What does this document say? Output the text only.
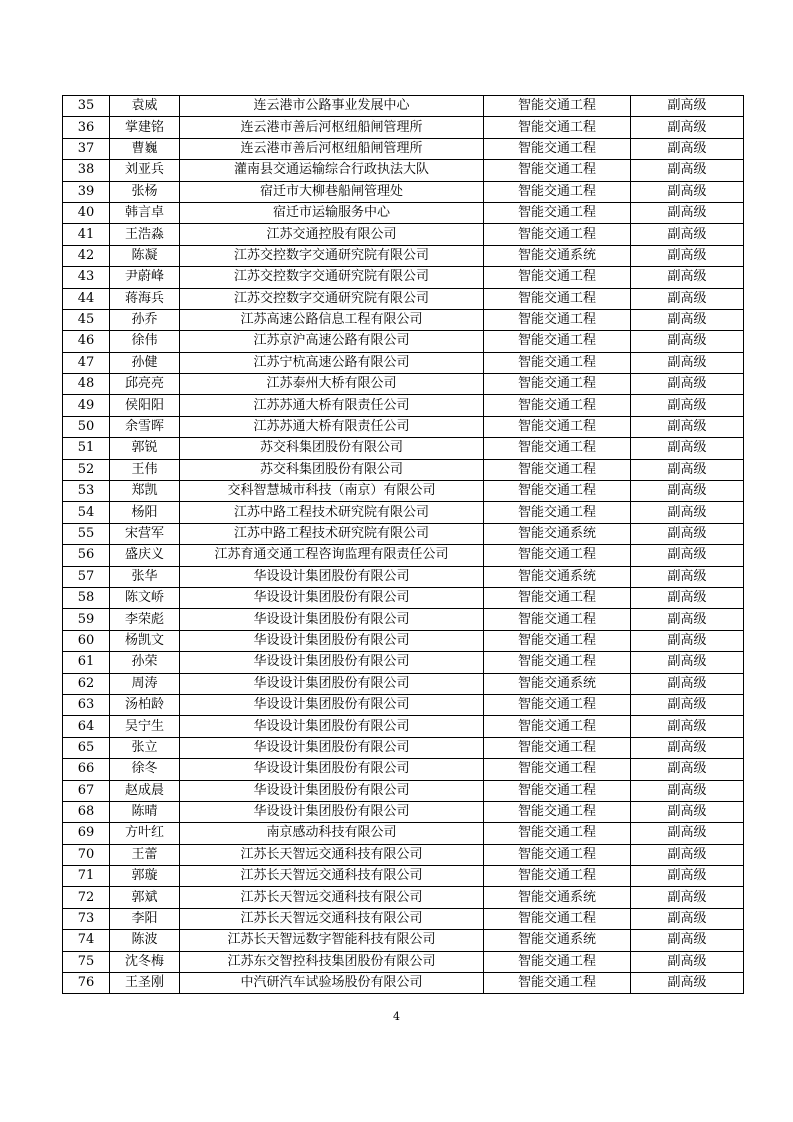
35	袁威	连云港市公路事业发展中心	智能交通工程	副高级
36	掌建铭	连云港市善后河枢纽船闸管理所	智能交通工程	副高级
37	曹巍	连云港市善后河枢纽船闸管理所	智能交通工程	副高级
38	刘亚兵	灌南县交通运输综合行政执法大队	智能交通工程	副高级
39	张杨	宿迁市大柳巷船闸管理处	智能交通工程	副高级
40	韩言卓	宿迁市运输服务中心	智能交通工程	副高级
41	王浩淼	江苏交通控股有限公司	智能交通工程	副高级
42	陈凝	江苏交控数字交通研究院有限公司	智能交通系统	副高级
43	尹蔚峰	江苏交控数字交通研究院有限公司	智能交通工程	副高级
44	蒋海兵	江苏交控数字交通研究院有限公司	智能交通工程	副高级
45	孙乔	江苏高速公路信息工程有限公司	智能交通工程	副高级
46	徐伟	江苏京沪高速公路有限公司	智能交通工程	副高级
47	孙健	江苏宁杭高速公路有限公司	智能交通工程	副高级
48	邱亮亮	江苏泰州大桥有限公司	智能交通工程	副高级
49	侯阳阳	江苏苏通大桥有限责任公司	智能交通工程	副高级
50	余雪晖	江苏苏通大桥有限责任公司	智能交通工程	副高级
51	郭锐	苏交科集团股份有限公司	智能交通工程	副高级
52	王伟	苏交科集团股份有限公司	智能交通工程	副高级
53	郑凯	交科智慧城市科技（南京）有限公司	智能交通工程	副高级
54	杨阳	江苏中路工程技术研究院有限公司	智能交通工程	副高级
55	宋营军	江苏中路工程技术研究院有限公司	智能交通系统	副高级
56	盛庆义	江苏育通交通工程咨询监理有限责任公司	智能交通工程	副高级
57	张华	华设设计集团股份有限公司	智能交通系统	副高级
58	陈文峤	华设设计集团股份有限公司	智能交通工程	副高级
59	李荣彪	华设设计集团股份有限公司	智能交通工程	副高级
60	杨凯文	华设设计集团股份有限公司	智能交通工程	副高级
61	孙荣	华设设计集团股份有限公司	智能交通工程	副高级
62	周涛	华设设计集团股份有限公司	智能交通系统	副高级
63	汤柏龄	华设设计集团股份有限公司	智能交通工程	副高级
64	吴宁生	华设设计集团股份有限公司	智能交通工程	副高级
65	张立	华设设计集团股份有限公司	智能交通工程	副高级
66	徐冬	华设设计集团股份有限公司	智能交通工程	副高级
67	赵成晨	华设设计集团股份有限公司	智能交通工程	副高级
68	陈晴	华设设计集团股份有限公司	智能交通工程	副高级
69	方叶红	南京感动科技有限公司	智能交通工程	副高级
70	王蕾	江苏长天智远交通科技有限公司	智能交通工程	副高级
71	郭璇	江苏长天智远交通科技有限公司	智能交通工程	副高级
72	郭斌	江苏长天智远交通科技有限公司	智能交通系统	副高级
73	李阳	江苏长天智远交通科技有限公司	智能交通工程	副高级
74	陈波	江苏长天智远数字智能科技有限公司	智能交通系统	副高级
75	沈冬梅	江苏东交智控科技集团股份有限公司	智能交通工程	副高级
76	王圣刚	中汽研汽车试验场股份有限公司	智能交通工程	副高级
4
